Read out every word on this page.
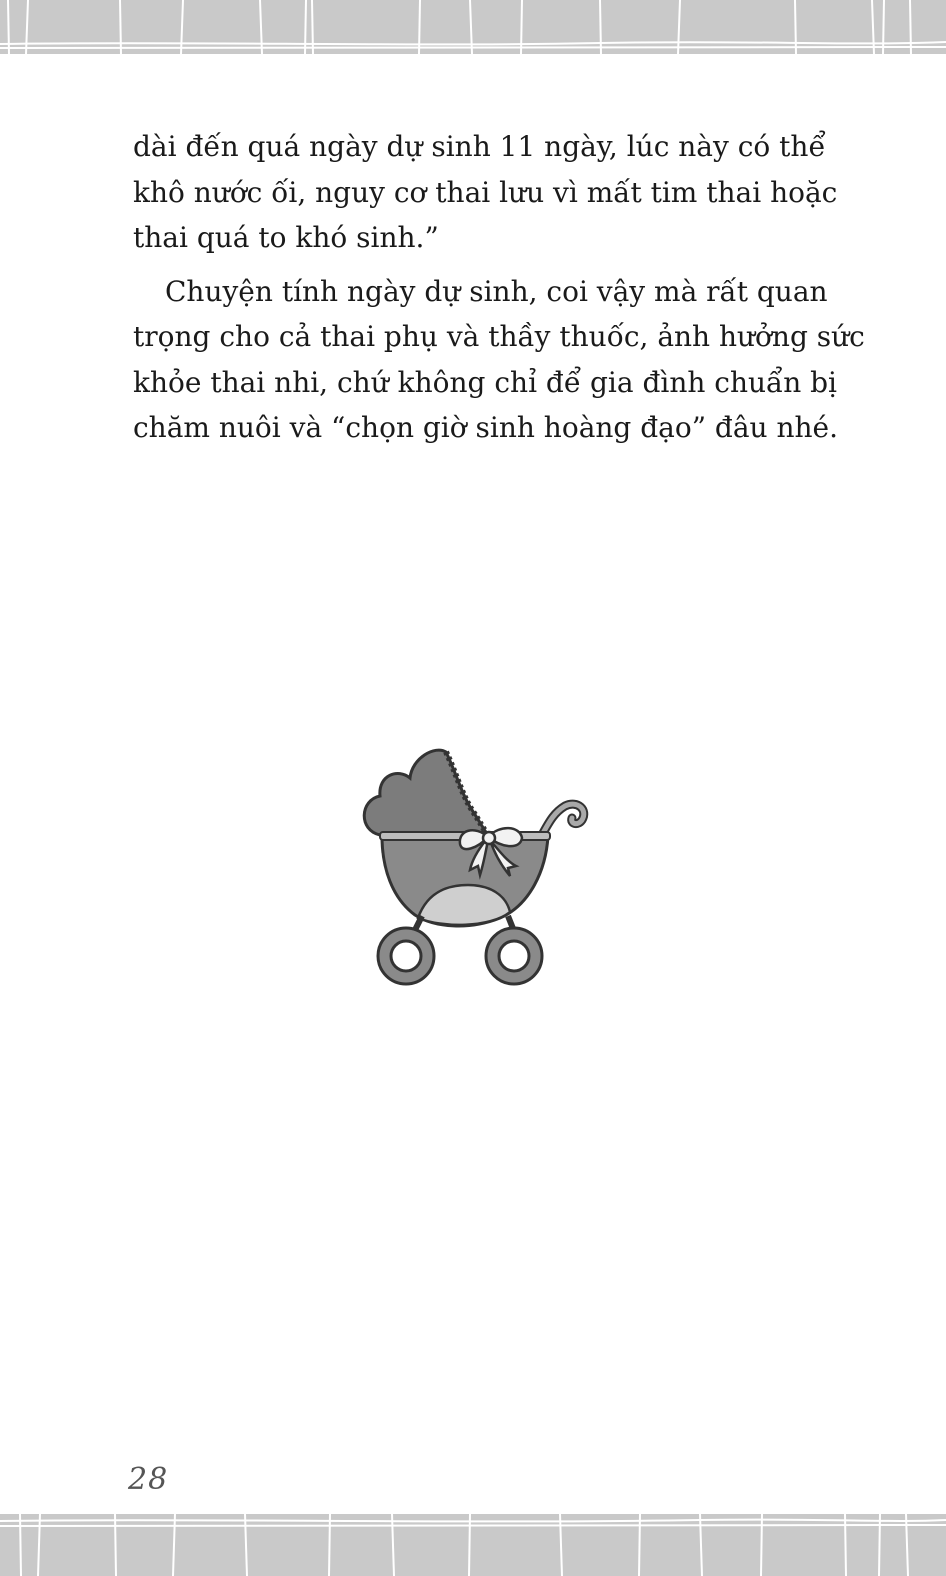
dài đến quá ngày dự sinh 11 ngày, lúc này có thể
khô nước ối, nguy cơ thai lưu vì mất tim thai hoặc
thai quá to khó sinh.”

Chuyện tính ngày dự sinh, coi vậy mà rất quan
trọng cho cả thai phụ và thầy thuốc, ảnh hưởng sức
khỏe thai nhi, chứ không chỉ để gia đình chuẩn bị
chăm nuôi và “chọn giờ sinh hoàng đạo” đâu nhé.

28
